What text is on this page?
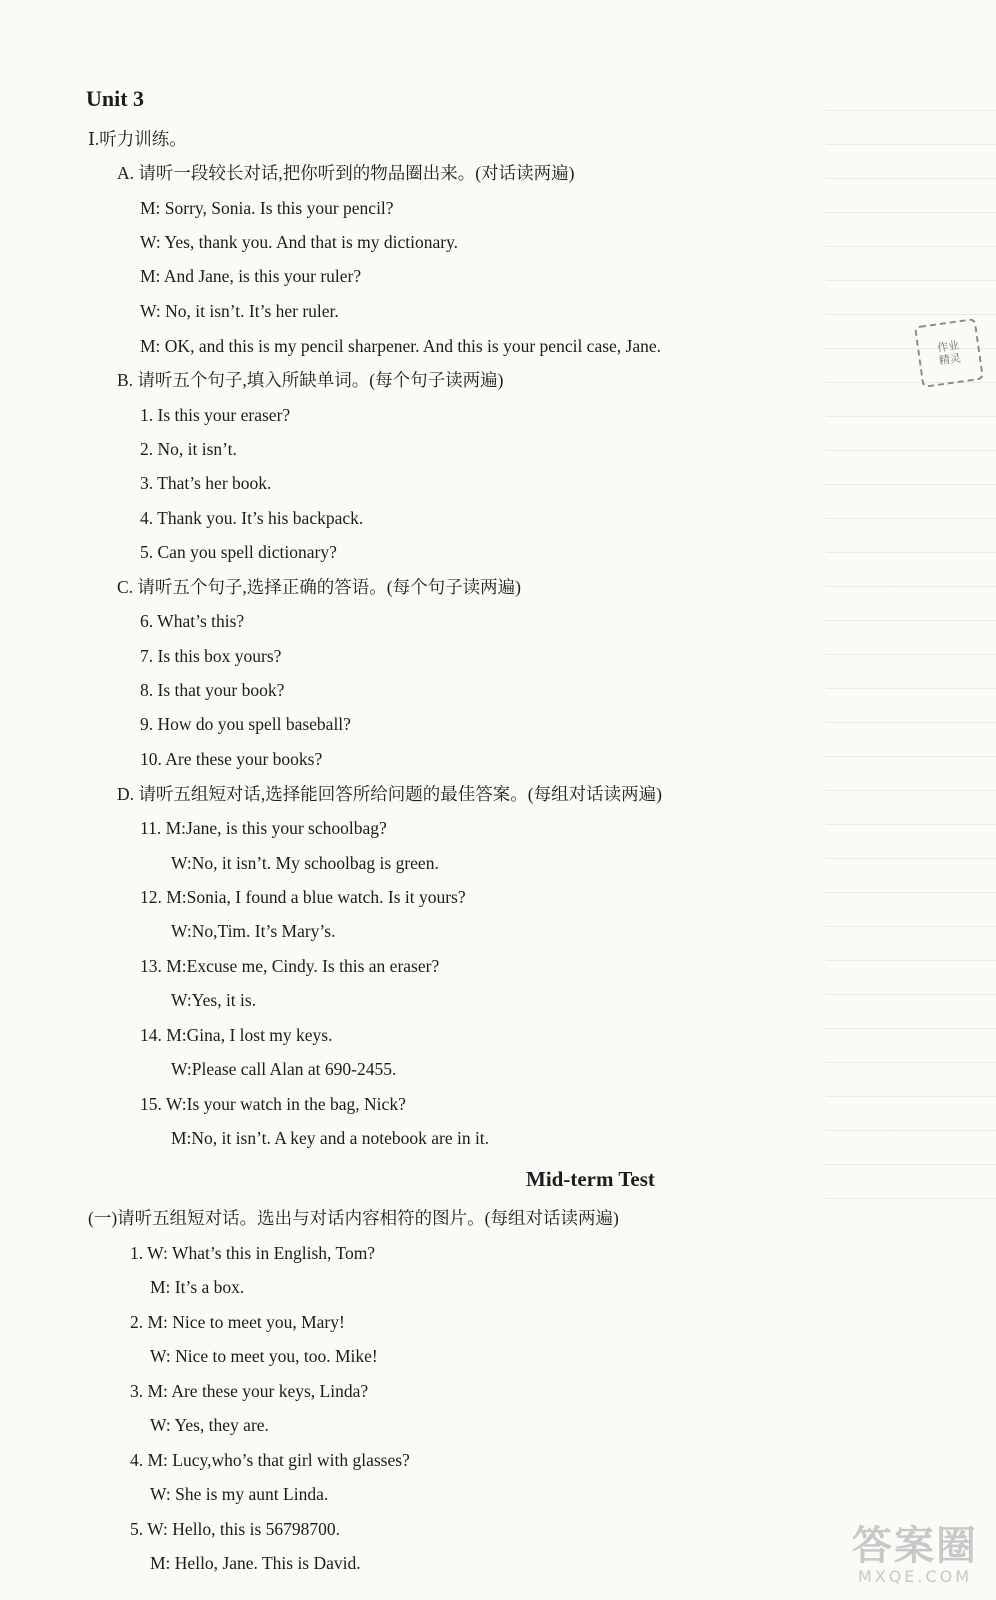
作业
精灵
Unit 3
Ⅰ.听力训练。
A. 请听一段较长对话,把你听到的物品圈出来。(对话读两遍)
M: Sorry, Sonia. Is this your pencil?
W: Yes, thank you. And that is my dictionary.
M: And Jane, is this your ruler?
W: No, it isn’t. It’s her ruler.
M: OK, and this is my pencil sharpener. And this is your pencil case, Jane.
B. 请听五个句子,填入所缺单词。(每个句子读两遍)
1. Is this your eraser?
2. No, it isn’t.
3. That’s her book.
4. Thank you. It’s his backpack.
5. Can you spell dictionary?
C. 请听五个句子,选择正确的答语。(每个句子读两遍)
6. What’s this?
7. Is this box yours?
8. Is that your book?
9. How do you spell baseball?
10. Are these your books?
D. 请听五组短对话,选择能回答所给问题的最佳答案。(每组对话读两遍)
11. M:Jane, is this your schoolbag?
W:No, it isn’t. My schoolbag is green.
12. M:Sonia, I found a blue watch. Is it yours?
W:No,Tim. It’s Mary’s.
13. M:Excuse me, Cindy. Is this an eraser?
W:Yes, it is.
14. M:Gina, I lost my keys.
W:Please call Alan at 690-2455.
15. W:Is your watch in the bag, Nick?
M:No, it isn’t. A key and a notebook are in it.
Mid-term Test
(一)请听五组短对话。选出与对话内容相符的图片。(每组对话读两遍)
1. W: What’s this in English, Tom?
M: It’s a box.
2. M: Nice to meet you, Mary!
W: Nice to meet you, too. Mike!
3. M: Are these your keys, Linda?
W: Yes, they are.
4. M: Lucy,who’s that girl with glasses?
W: She is my aunt Linda.
5. W: Hello, this is 56798700.
M: Hello, Jane. This is David.	答案圈
MXQE.COM
